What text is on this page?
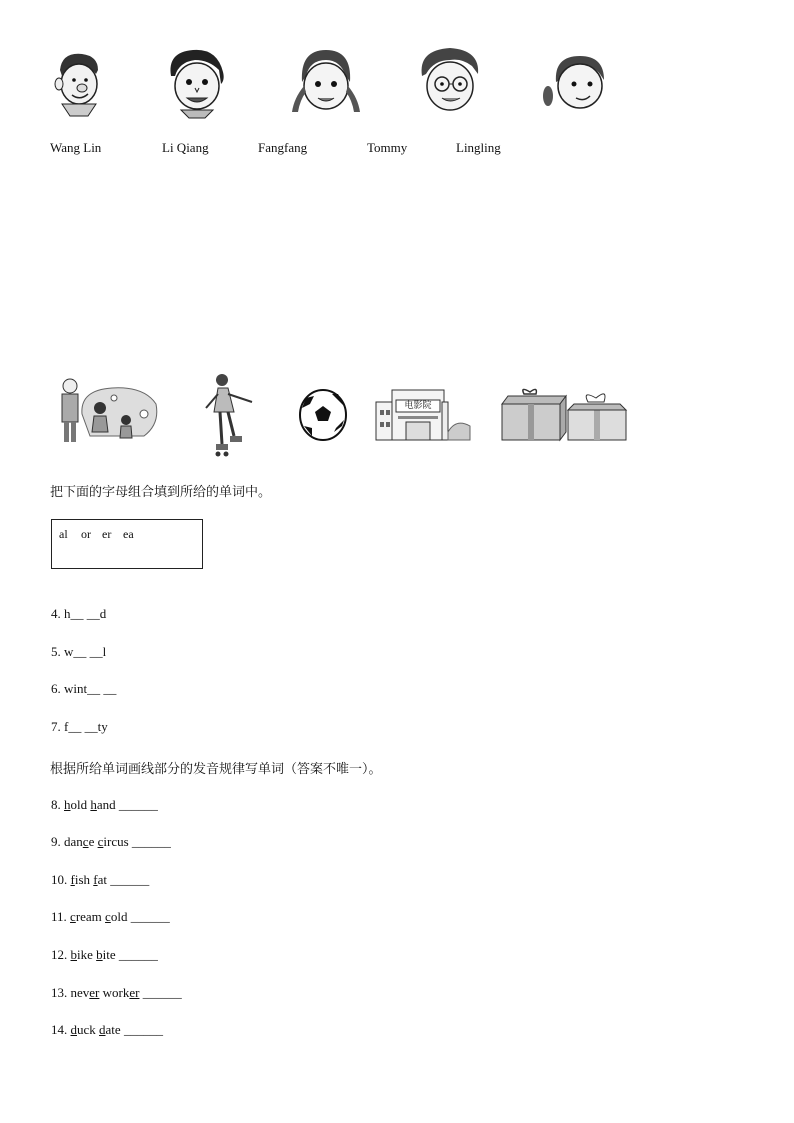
Wang Lin	Li Qiang	Fangfang	Tommy	Lingling
电影院
把下面的字母组合填到所给的单词中。
al or er ea
4. h__ __d
5. w__ __l
6. wint__ __
7. f__ __ty
根据所给单词画线部分的发音规律写单词（答案不唯一）。
8. hold hand ______
9. dance circus ______
10. fish fat ______
11. cream cold ______
12. bike bite ______
13. never worker ______
14. duck date ______
